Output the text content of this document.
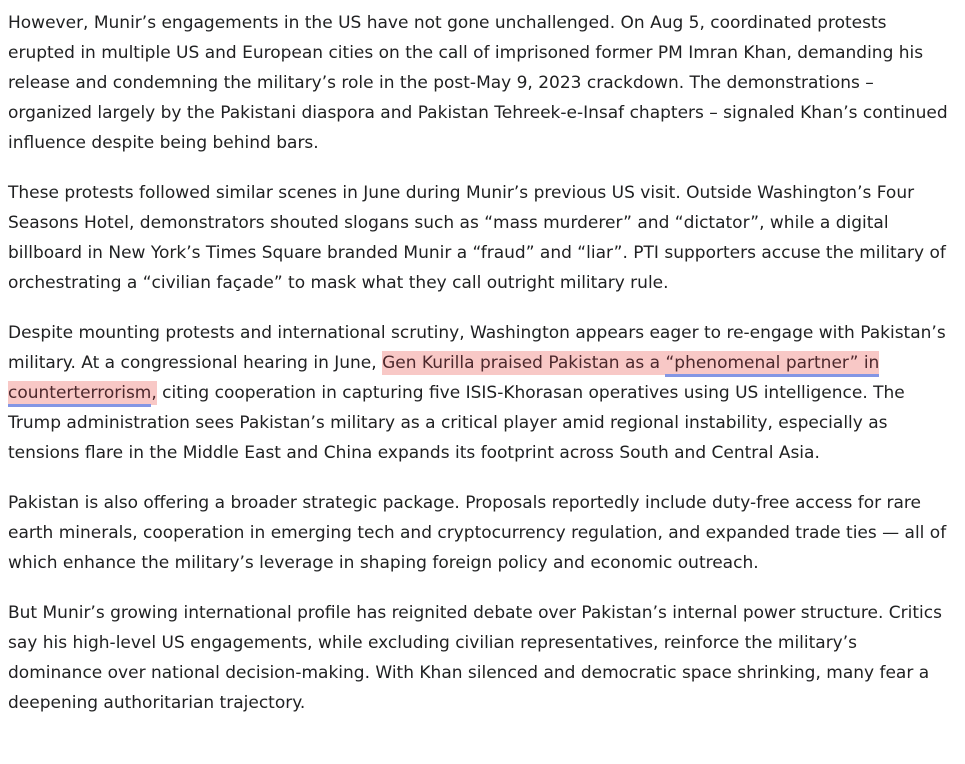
However, Munir’s engagements in the US have not gone unchallenged. On Aug 5, coordinated protests erupted in multiple US and European cities on the call of imprisoned former PM Imran Khan, demanding his release and condemning the military’s role in the post-May 9, 2023 crackdown. The demonstrations – organized largely by the Pakistani diaspora and Pakistan Tehreek-e-Insaf chapters – signaled Khan’s continued influence despite being behind bars.

These protests followed similar scenes in June during Munir’s previous US visit. Outside Washington’s Four Seasons Hotel, demonstrators shouted slogans such as “mass murderer” and “dictator”, while a digital billboard in New York’s Times Square branded Munir a “fraud” and “liar”. PTI supporters accuse the military of orchestrating a “civilian façade” to mask what they call outright military rule.

Despite mounting protests and international scrutiny, Washington appears eager to re-engage with Pakistan’s military. At a congressional hearing in June, Gen Kurilla praised Pakistan as a “phenomenal partner” in counterterrorism, citing cooperation in capturing five ISIS-Khorasan operatives using US intelligence. The Trump administration sees Pakistan’s military as a critical player amid regional instability, especially as tensions flare in the Middle East and China expands its footprint across South and Central Asia.

Pakistan is also offering a broader strategic package. Proposals reportedly include duty-free access for rare earth minerals, cooperation in emerging tech and cryptocurrency regulation, and expanded trade ties — all of which enhance the military’s leverage in shaping foreign policy and economic outreach.

But Munir’s growing international profile has reignited debate over Pakistan’s internal power structure. Critics say his high-level US engagements, while excluding civilian representatives, reinforce the military’s dominance over national decision-making. With Khan silenced and democratic space shrinking, many fear a deepening authoritarian trajectory.
